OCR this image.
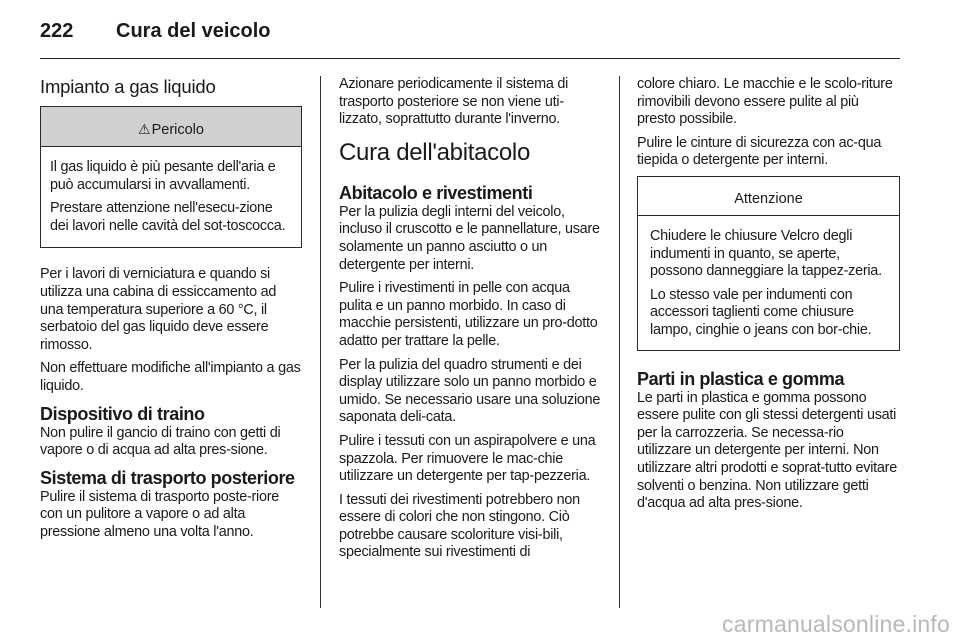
222 Cura del veicolo
Impianto a gas liquido
⚠Pericolo

Il gas liquido è più pesante dell'aria e può accumularsi in avvallamenti.

Prestare attenzione nell'esecu-zione dei lavori nelle cavità del sot-toscocca.

Per i lavori di verniciatura e quando si utilizza una cabina di essiccamento ad una temperatura superiore a 60 °C, il serbatoio del gas liquido deve essere rimosso.

Non effettuare modifiche all'impianto a gas liquido.

Dispositivo di traino

Non pulire il gancio di traino con getti di vapore o di acqua ad alta pres-sione.

Sistema di trasporto posteriore

Pulire il sistema di trasporto poste-riore con un pulitore a vapore o ad alta pressione almeno una volta l'anno.

Azionare periodicamente il sistema di trasporto posteriore se non viene uti-lizzato, soprattutto durante l'inverno.

Cura dell'abitacolo
Abitacolo e rivestimenti

Per la pulizia degli interni del veicolo, incluso il cruscotto e le pannellature, usare solamente un panno asciutto o un detergente per interni.

Pulire i rivestimenti in pelle con acqua pulita e un panno morbido. In caso di macchie persistenti, utilizzare un pro-dotto adatto per trattare la pelle.

Per la pulizia del quadro strumenti e dei display utilizzare solo un panno morbido e umido. Se necessario usare una soluzione saponata deli-cata.

Pulire i tessuti con un aspirapolvere e una spazzola. Per rimuovere le mac-chie utilizzare un detergente per tap-pezzeria.

I tessuti dei rivestimenti potrebbero non essere di colori che non stingono. Ciò potrebbe causare scoloriture visi-bili, specialmente sui rivestimenti di

colore chiaro. Le macchie e le scolo-riture rimovibili devono essere pulite al più presto possibile.

Pulire le cinture di sicurezza con ac-qua tiepida o detergente per interni.

Attenzione

Chiudere le chiusure Velcro degli indumenti in quanto, se aperte, possono danneggiare la tappez-zeria.

Lo stesso vale per indumenti con accessori taglienti come chiusure lampo, cinghie o jeans con bor-chie.

Parti in plastica e gomma

Le parti in plastica e gomma possono essere pulite con gli stessi detergenti usati per la carrozzeria. Se necessa-rio utilizzare un detergente per interni. Non utilizzare altri prodotti e soprat-tutto evitare solventi o benzina. Non utilizzare getti d'acqua ad alta pres-sione.

carmanualsonline.info
